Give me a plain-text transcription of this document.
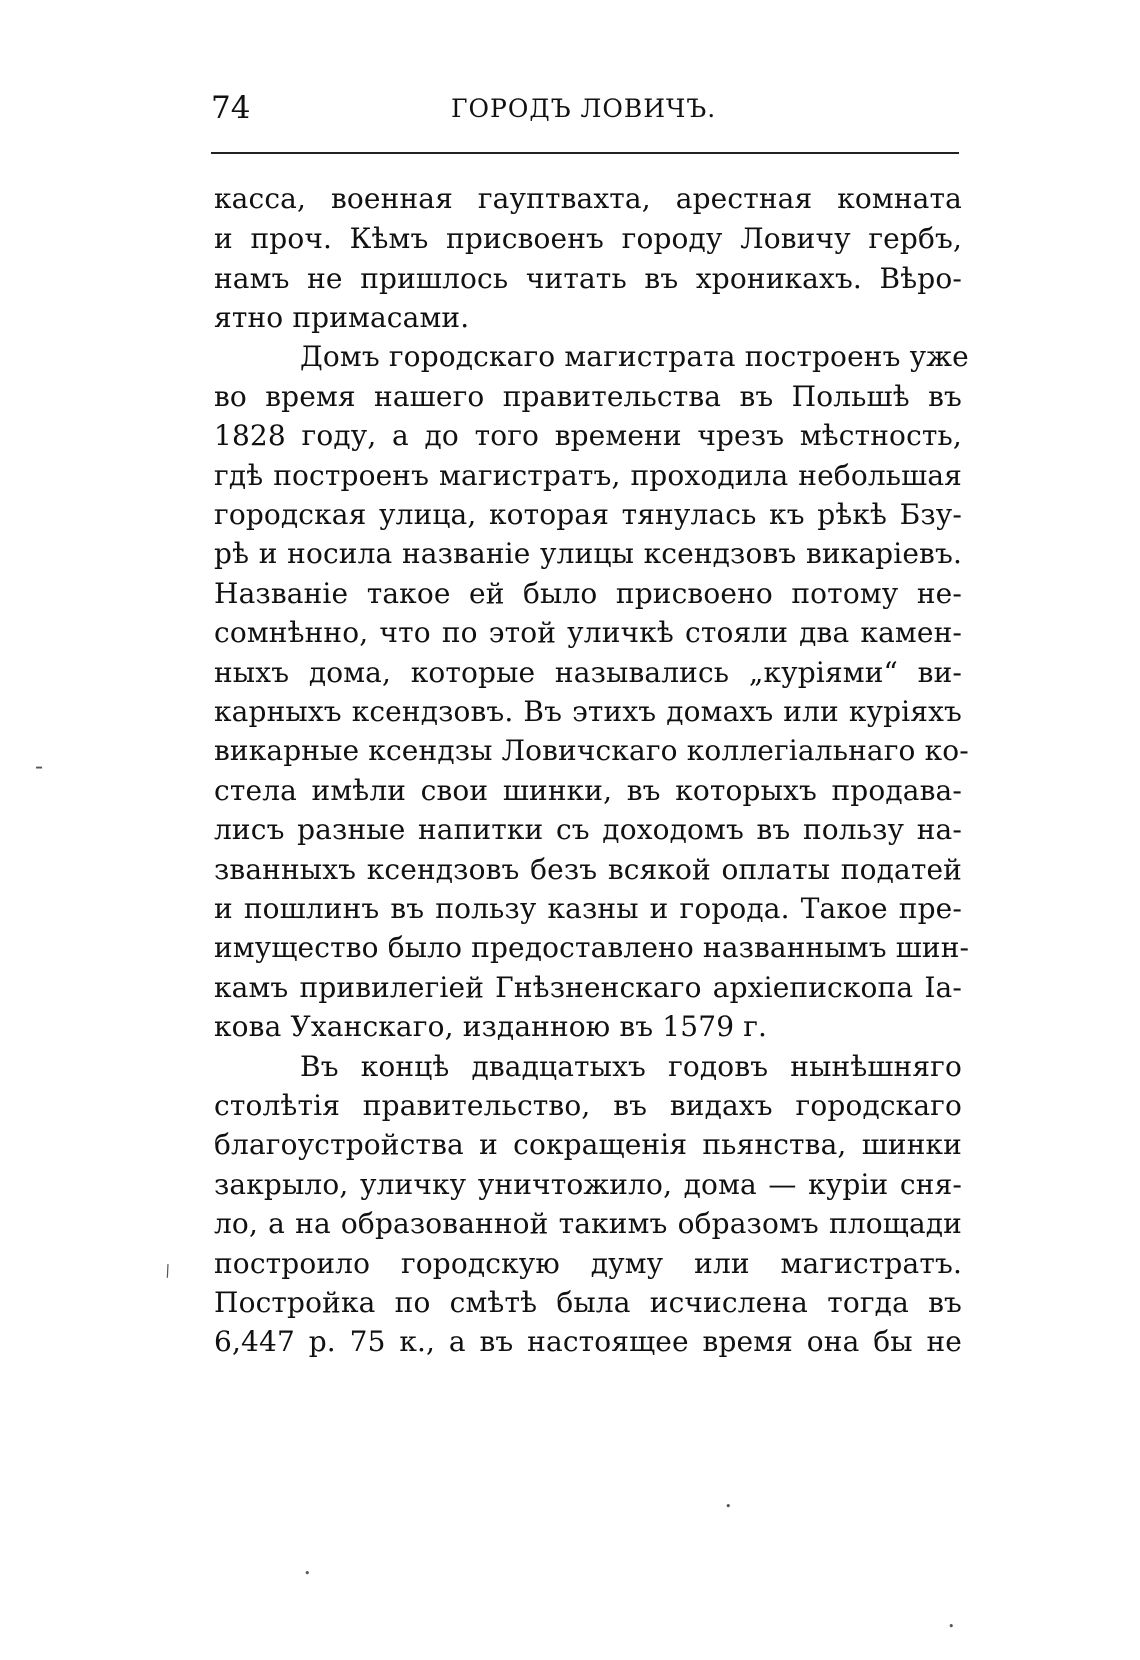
74	ГОРОДЪ ЛОВИЧЪ.
касса, военная гауптвахта, арестная комната
и проч. Кѣмъ присвоенъ городу Ловичу гербъ,
намъ не пришлось читать въ хроникахъ. Вѣро-
ятно примасами.
Домъ городскаго магистрата построенъ уже
во время нашего правительства въ Польшѣ въ
1828 году, а до того времени чрезъ мѣстность,
гдѣ построенъ магистратъ, проходила небольшая
городская улица, которая тянулась къ рѣкѣ Бзу-
рѣ и носила названіе улицы ксендзовъ викаріевъ.
Названіе такое ей было присвоено потому не-
сомнѣнно, что по этой уличкѣ стояли два камен-
ныхъ дома, которые назывались „куріями“ ви-
карныхъ ксендзовъ. Въ этихъ домахъ или куріяхъ
викарные ксендзы Ловичскаго коллегіальнаго ко-
стела имѣли свои шинки, въ которыхъ продава-
лисъ разные напитки съ доходомъ въ пользу на-
званныхъ ксендзовъ безъ всякой оплаты податей
и пошлинъ въ пользу казны и города. Такое пре-
имущество было предоставлено названнымъ шин-
камъ привилегіей Гнѣзненскаго архіепископа Іа-
кова Уханскаго, изданною въ 1579 г.
Въ концѣ двадцатыхъ годовъ нынѣшняго
столѣтія правительство, въ видахъ городскаго
благоустройства и сокращенія пьянства, шинки
закрыло, уличку уничтожило, дома — куріи сня-
ло, а на образованной такимъ образомъ площади
построило городскую думу или магистратъ.
Постройка по смѣтѣ была исчислена тогда въ
6,447 р. 75 к., а въ настоящее время она бы не
-
/
•
•
•
